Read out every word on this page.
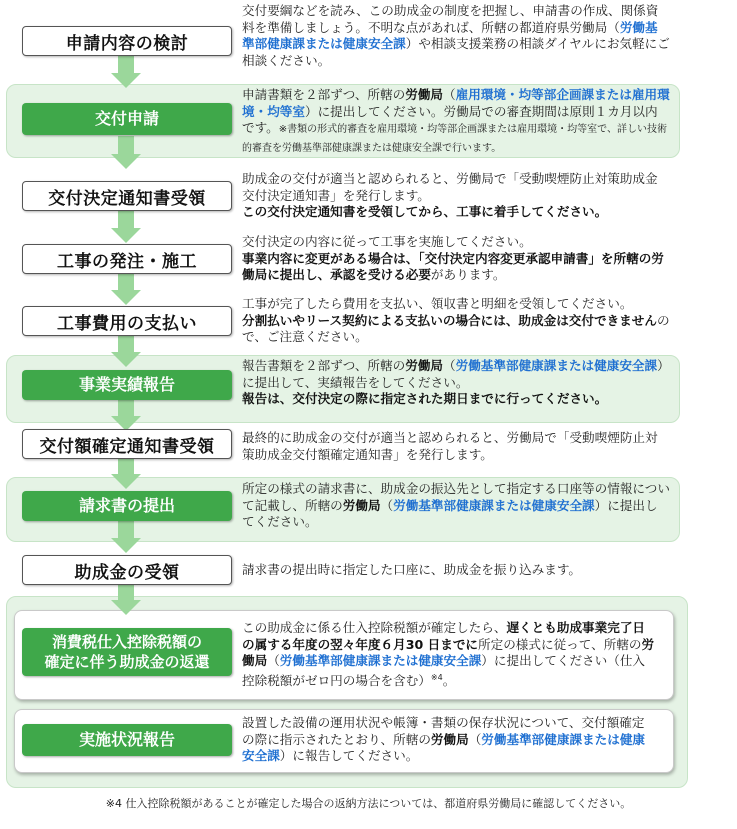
申請内容の検討
交付要綱などを読み、この助成金の制度を把握し、申請書の作成、関係資料を準備しましょう。不明な点があれば、所轄の都道府県労働局（労働基準部健康課または健康安全課）や相談支援業務の相談ダイヤルにお気軽にご相談ください。
交付申請
申請書類を２部ずつ、所轄の労働局（雇用環境・均等部企画課または雇用環境・均等室）に提出してください。労働局での審査期間は原則１カ月以内です。※書類の形式的審査を雇用環境・均等部企画課または雇用環境・均等室で、詳しい技術的審査を労働基準部健康課または健康安全課で行います。
交付決定通知書受領
助成金の交付が適当と認められると、労働局で「受動喫煙防止対策助成金交付決定通知書」を発行します。
この交付決定通知書を受領してから、工事に着手してください。
工事の発注・施工
交付決定の内容に従って工事を実施してください。
事業内容に変更がある場合は、「交付決定内容変更承認申請書」を所轄の労働局に提出し、承認を受ける必要があります。
工事費用の支払い
工事が完了したら費用を支払い、領収書と明細を受領してください。
分割払いやリース契約による支払いの場合には、助成金は交付できませんので、ご注意ください。
事業実績報告
報告書類を２部ずつ、所轄の労働局（労働基準部健康課または健康安全課）に提出して、実績報告をしてください。
報告は、交付決定の際に指定された期日までに行ってください。
交付額確定通知書受領 最終的に助成金の交付が適当と認められると、労働局で「受動喫煙防止対策助成金交付額確定通知書」を発行します。
請求書の提出
所定の様式の請求書に、助成金の振込先として指定する口座等の情報について記載し、所轄の労働局（労働基準部健康課または健康安全課）に提出してください。
助成金の受領	請求書の提出時に指定した口座に、助成金を振り込みます。
消費税仕入控除税額の
確定に伴う助成金の返還
この助成金に係る仕入控除税額が確定したら、遅くとも助成事業完了日の属する年度の翌々年度６月30 日までに所定の様式に従って、所轄の労働局（労働基準部健康課または健康安全課）に提出してください（仕入控除税額がゼロ円の場合を含む）$^{※4}$。
実施状況報告
設置した設備の運用状況や帳簿・書類の保存状況について、交付額確定の際に指示されたとおり、所轄の労働局（労働基準部健康課または健康安全課）に報告してください。
※4 仕入控除税額があることが確定した場合の返納方法については、都道府県労働局に確認してください。
